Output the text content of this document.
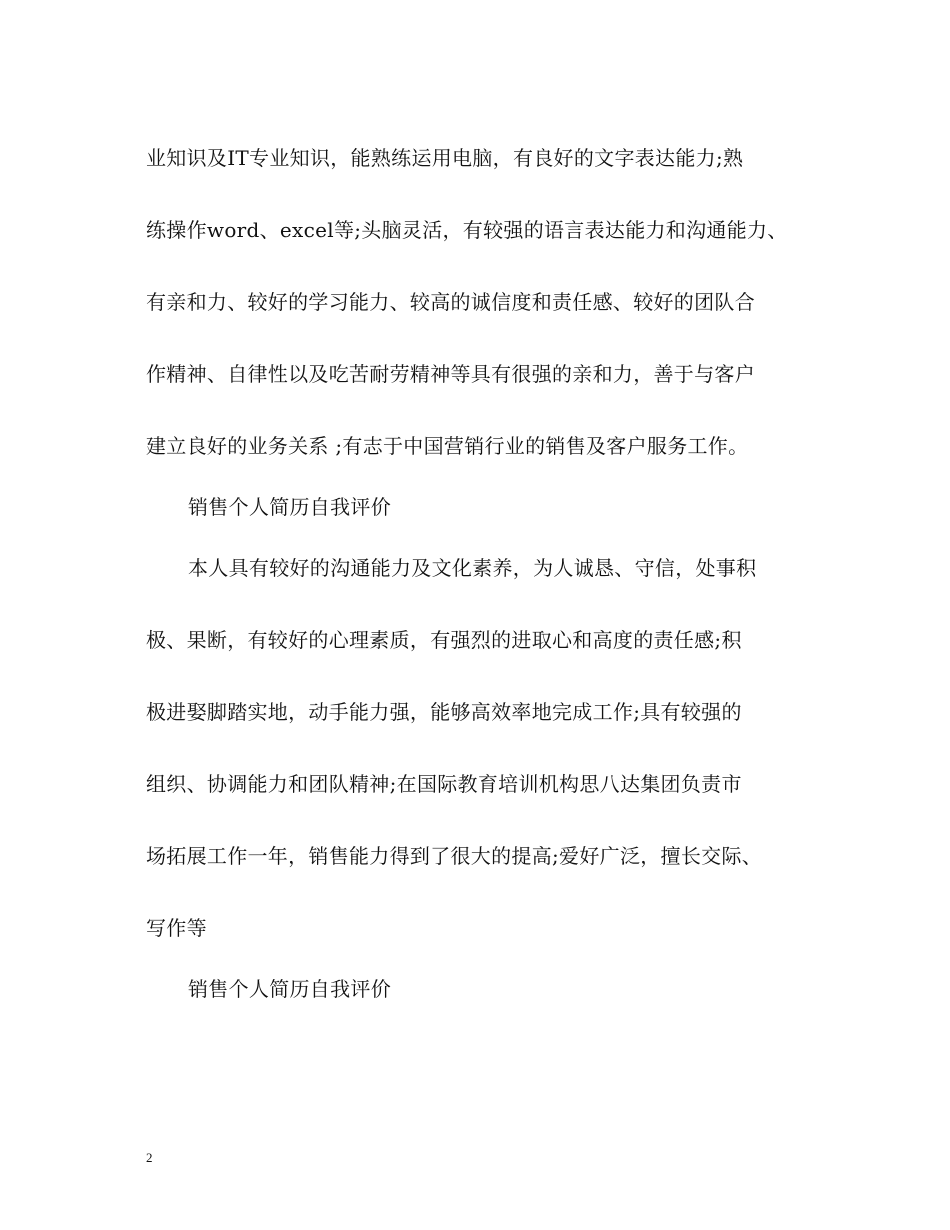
业知识及IT专业知识，能熟练运用电脑，有良好的文字表达能力;熟
练操作word、excel等;头脑灵活，有较强的语言表达能力和沟通能力、
有亲和力、较好的学习能力、较高的诚信度和责任感、较好的团队合
作精神、自律性以及吃苦耐劳精神等具有很强的亲和力，善于与客户
建立良好的业务关系 ;有志于中国营销行业的销售及客户服务工作。
销售个人简历自我评价
本人具有较好的沟通能力及文化素养，为人诚恳、守信，处事积
极、果断，有较好的心理素质，有强烈的进取心和高度的责任感;积
极进娶脚踏实地，动手能力强，能够高效率地完成工作;具有较强的
组织、协调能力和团队精神;在国际教育培训机构思八达集团负责市
场拓展工作一年，销售能力得到了很大的提高;爱好广泛，擅长交际、
写作等
销售个人简历自我评价
2
